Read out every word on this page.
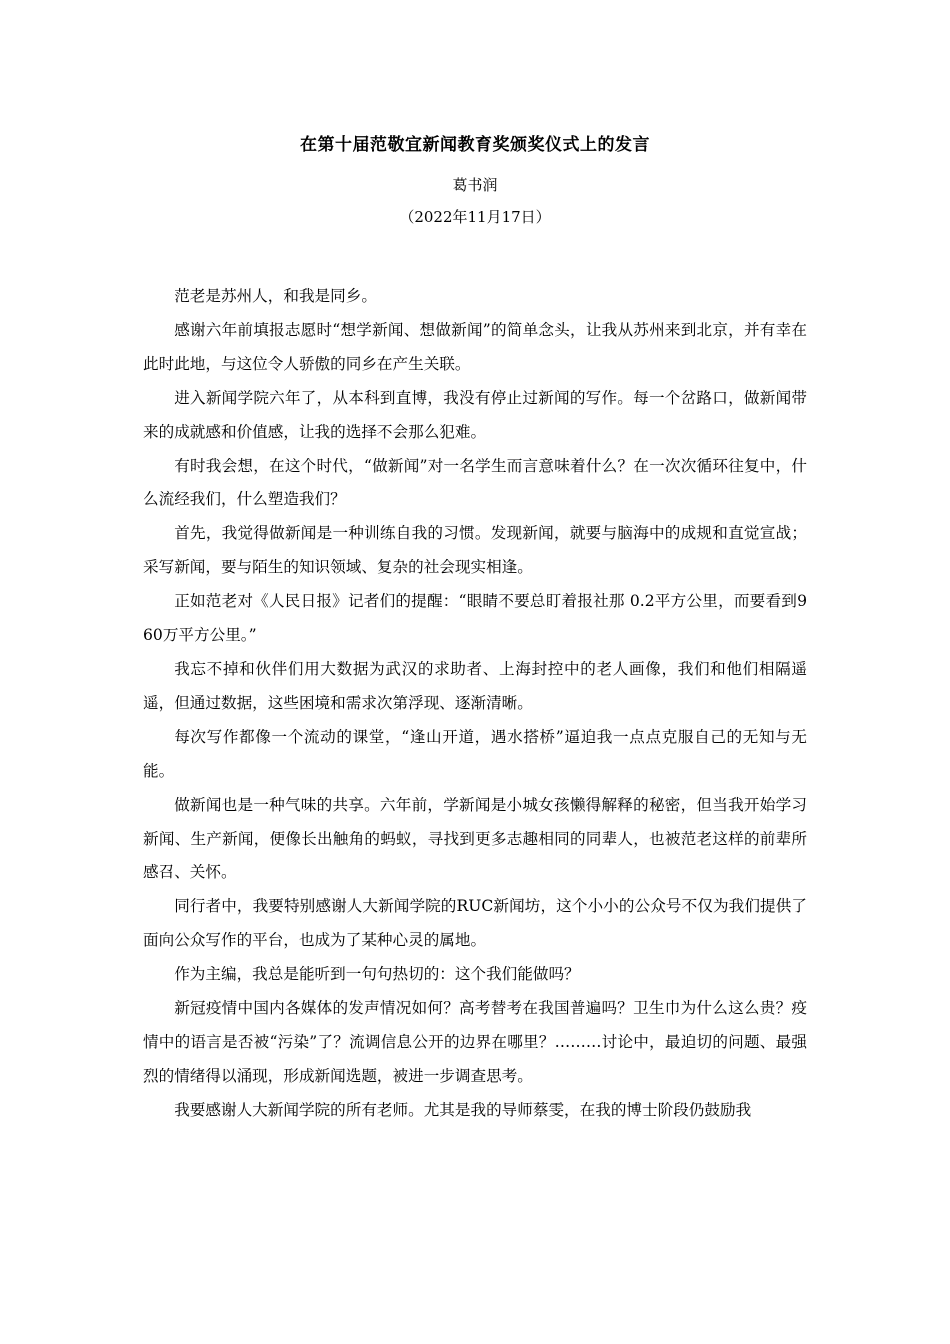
在第十届范敬宜新闻教育奖颁奖仪式上的发言
葛书润
（2022年11月17日）

范老是苏州人，和我是同乡。

感谢六年前填报志愿时“想学新闻、想做新闻”的简单念头，让我从苏州来到北京，并有幸在此时此地，与这位令人骄傲的同乡在产生关联。

进入新闻学院六年了，从本科到直博，我没有停止过新闻的写作。每一个岔路口，做新闻带来的成就感和价值感，让我的选择不会那么犯难。

有时我会想，在这个时代，“做新闻”对一名学生而言意味着什么？在一次次循环往复中，什么流经我们，什么塑造我们？

首先，我觉得做新闻是一种训练自我的习惯。发现新闻，就要与脑海中的成规和直觉宣战；采写新闻，要与陌生的知识领域、复杂的社会现实相逢。

正如范老对《人民日报》记者们的提醒：“眼睛不要总盯着报社那 0.2平方公里，而要看到960万平方公里。”

我忘不掉和伙伴们用大数据为武汉的求助者、上海封控中的老人画像，我们和他们相隔遥遥，但通过数据，这些困境和需求次第浮现、逐渐清晰。

每次写作都像一个流动的课堂，“逢山开道，遇水搭桥”逼迫我一点点克服自己的无知与无能。

做新闻也是一种气味的共享。六年前，学新闻是小城女孩懒得解释的秘密，但当我开始学习新闻、生产新闻，便像长出触角的蚂蚁，寻找到更多志趣相同的同辈人，也被范老这样的前辈所感召、关怀。

同行者中，我要特别感谢人大新闻学院的RUC新闻坊，这个小小的公众号不仅为我们提供了面向公众写作的平台，也成为了某种心灵的属地。

作为主编，我总是能听到一句句热切的：这个我们能做吗？

新冠疫情中国内各媒体的发声情况如何？高考替考在我国普遍吗？卫生巾为什么这么贵？疫情中的语言是否被“污染”了？流调信息公开的边界在哪里？………讨论中，最迫切的问题、最强烈的情绪得以涌现，形成新闻选题，被进一步调查思考。

我要感谢人大新闻学院的所有老师。尤其是我的导师蔡雯，在我的博士阶段仍鼓励我
